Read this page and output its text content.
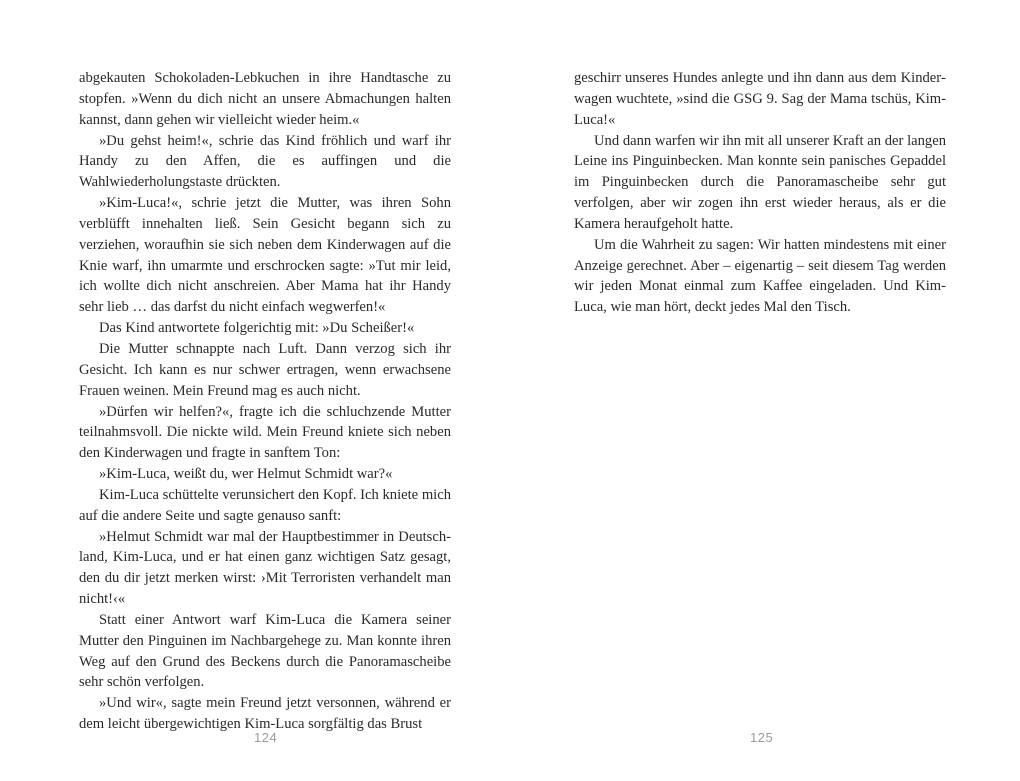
abgekauten Schokoladen-Lebkuchen in ihre Handtasche zu stopfen. »Wenn du dich nicht an unsere Abmachungen halten kannst, dann gehen wir vielleicht wieder heim.«

»Du gehst heim!«, schrie das Kind fröhlich und warf ihr Handy zu den Affen, die es auffingen und die Wahlwiederholungstaste drückten.

»Kim-Luca!«, schrie jetzt die Mutter, was ihren Sohn verblüfft innehalten ließ. Sein Gesicht begann sich zu verziehen, woraufhin sie sich neben dem Kinderwagen auf die Knie warf, ihn umarmte und erschrocken sagte: »Tut mir leid, ich wollte dich nicht anschreien. Aber Mama hat ihr Handy sehr lieb … das darfst du nicht einfach wegwerfen!«

Das Kind antwortete folgerichtig mit: »Du Scheißer!«

Die Mutter schnappte nach Luft. Dann verzog sich ihr Gesicht. Ich kann es nur schwer ertragen, wenn erwachsene Frauen weinen. Mein Freund mag es auch nicht.

»Dürfen wir helfen?«, fragte ich die schluchzende Mutter teilnahmsvoll. Die nickte wild. Mein Freund kniete sich neben den Kinderwagen und fragte in sanftem Ton:

»Kim-Luca, weißt du, wer Helmut Schmidt war?«

Kim-Luca schüttelte verunsichert den Kopf. Ich kniete mich auf die andere Seite und sagte genauso sanft:

»Helmut Schmidt war mal der Hauptbestimmer in Deutschland, Kim-Luca, und er hat einen ganz wichtigen Satz gesagt, den du dir jetzt merken wirst: ›Mit Terroristen verhandelt man nicht!‹«

Statt einer Antwort warf Kim-Luca die Kamera seiner Mutter den Pinguinen im Nachbargehege zu. Man konnte ihren Weg auf den Grund des Beckens durch die Panoramascheibe sehr schön verfolgen.

»Und wir«, sagte mein Freund jetzt versonnen, während er dem leicht übergewichtigen Kim-Luca sorgfältig das Brust

124

geschirr unseres Hundes anlegte und ihn dann aus dem Kinderwagen wuchtete, »sind die GSG 9. Sag der Mama tschüs, Kim-Luca!«

Und dann warfen wir ihn mit all unserer Kraft an der langen Leine ins Pinguinbecken. Man konnte sein panisches Gepaddel im Pinguinbecken durch die Panoramascheibe sehr gut verfolgen, aber wir zogen ihn erst wieder heraus, als er die Kamera heraufgeholt hatte.

Um die Wahrheit zu sagen: Wir hatten mindestens mit einer Anzeige gerechnet. Aber – eigenartig – seit diesem Tag werden wir jeden Monat einmal zum Kaffee eingeladen. Und Kim-Luca, wie man hört, deckt jedes Mal den Tisch.

125
